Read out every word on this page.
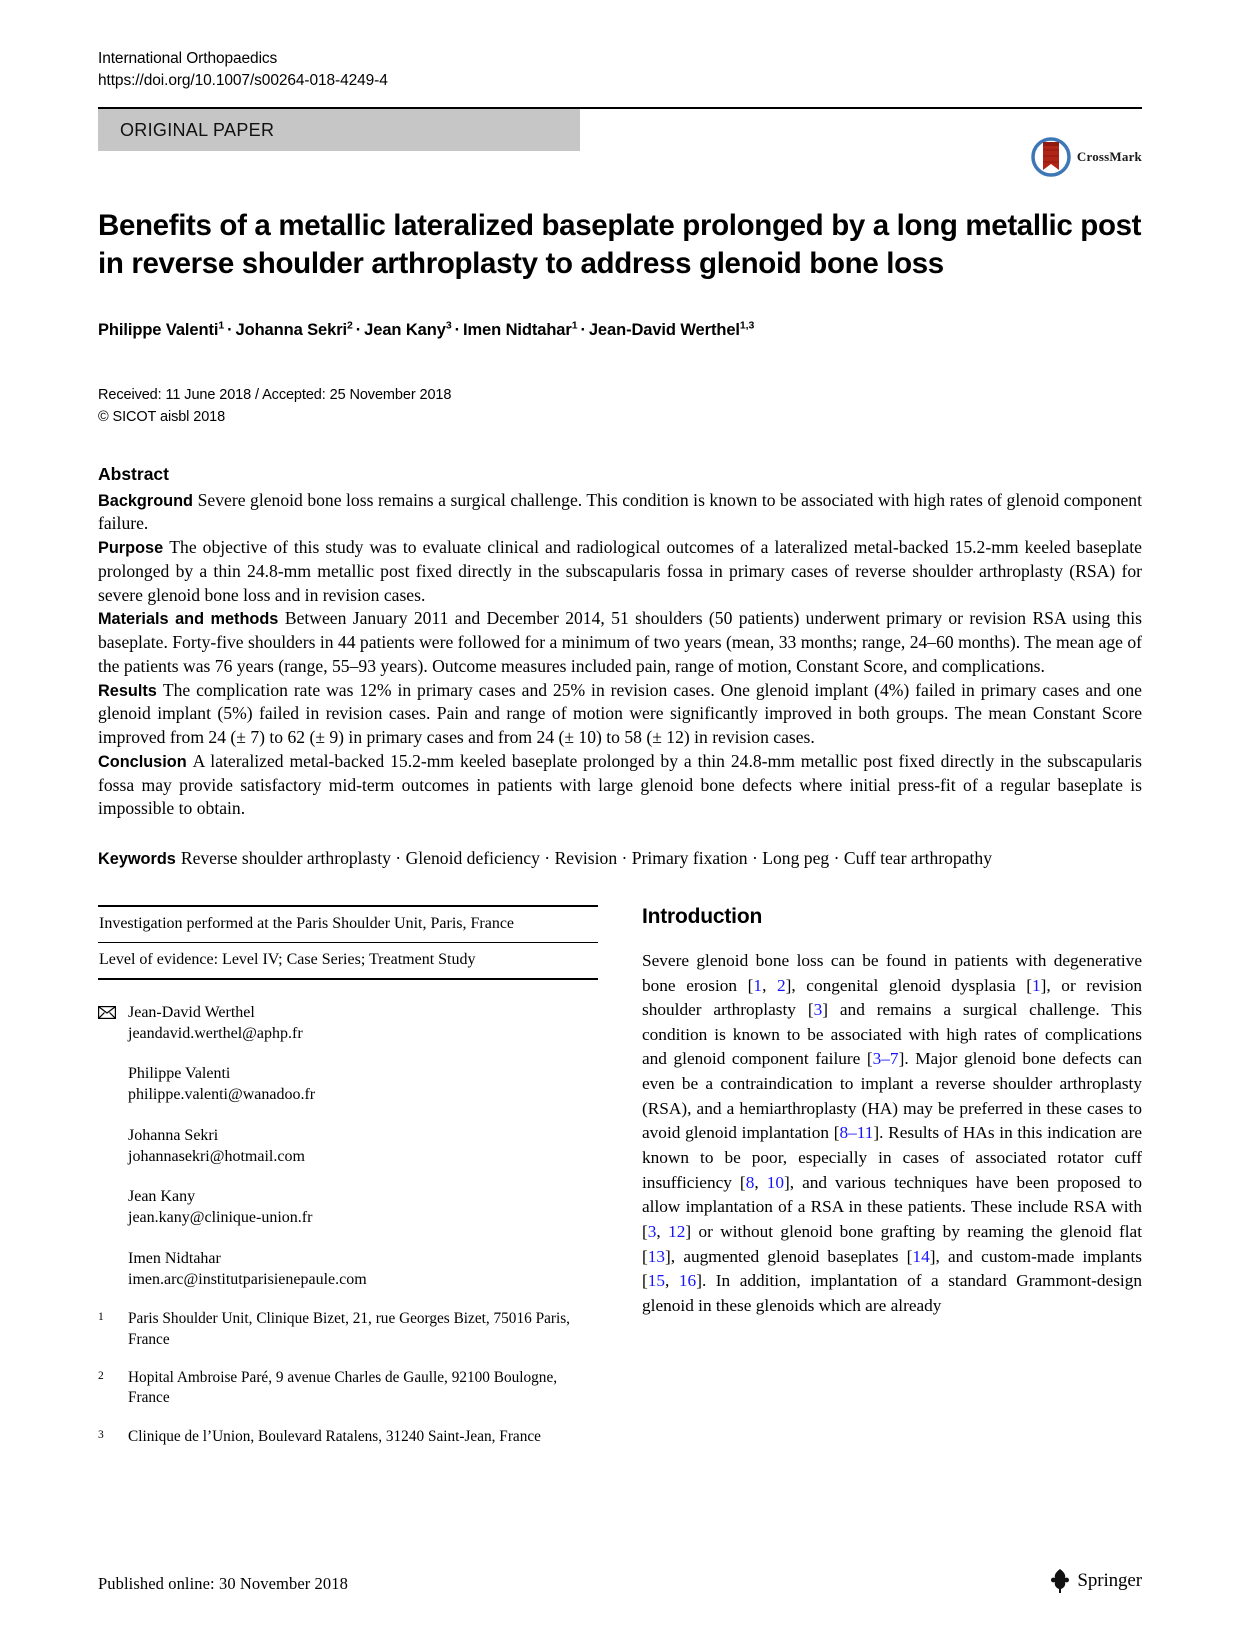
International Orthopaedics
https://doi.org/10.1007/s00264-018-4249-4
ORIGINAL PAPER
CrossMark
Benefits of a metallic lateralized baseplate prolonged by a long metallic post in reverse shoulder arthroplasty to address glenoid bone loss
Philippe Valenti$^1$ · Johanna Sekri$^2$ · Jean Kany$^3$ · Imen Nidtahar$^1$ · Jean-David Werthel$^{1,3}$
Received: 11 June 2018 / Accepted: 25 November 2018
© SICOT aisbl 2018
Abstract

Background Severe glenoid bone loss remains a surgical challenge. This condition is known to be associated with high rates of glenoid component failure.

Purpose The objective of this study was to evaluate clinical and radiological outcomes of a lateralized metal-backed 15.2-mm keeled baseplate prolonged by a thin 24.8-mm metallic post fixed directly in the subscapularis fossa in primary cases of reverse shoulder arthroplasty (RSA) for severe glenoid bone loss and in revision cases.

Materials and methods Between January 2011 and December 2014, 51 shoulders (50 patients) underwent primary or revision RSA using this baseplate. Forty-five shoulders in 44 patients were followed for a minimum of two years (mean, 33 months; range, 24–60 months). The mean age of the patients was 76 years (range, 55–93 years). Outcome measures included pain, range of motion, Constant Score, and complications.

Results The complication rate was 12% in primary cases and 25% in revision cases. One glenoid implant (4%) failed in primary cases and one glenoid implant (5%) failed in revision cases. Pain and range of motion were significantly improved in both groups. The mean Constant Score improved from 24 (± 7) to 62 (± 9) in primary cases and from 24 (± 10) to 58 (± 12) in revision cases.

Conclusion A lateralized metal-backed 15.2-mm keeled baseplate prolonged by a thin 24.8-mm metallic post fixed directly in the subscapularis fossa may provide satisfactory mid-term outcomes in patients with large glenoid bone defects where initial press-fit of a regular baseplate is impossible to obtain.

Keywords Reverse shoulder arthroplasty · Glenoid deficiency · Revision · Primary fixation · Long peg · Cuff tear arthropathy
Investigation performed at the Paris Shoulder Unit, Paris, France
Level of evidence: Level IV; Case Series; Treatment Study
Jean-David Werthel
jeandavid.werthel@aphp.fr
Philippe Valenti
philippe.valenti@wanadoo.fr
Johanna Sekri
johannasekri@hotmail.com
Jean Kany
jean.kany@clinique-union.fr
Imen Nidtahar
imen.arc@institutparisienepaule.com
1	Paris Shoulder Unit, Clinique Bizet, 21, rue Georges Bizet, 75016 Paris, France
2	Hopital Ambroise Paré, 9 avenue Charles de Gaulle, 92100 Boulogne, France
3	Clinique de l’Union, Boulevard Ratalens, 31240 Saint-Jean, France
Introduction

Severe glenoid bone loss can be found in patients with degenerative bone erosion [1, 2], congenital glenoid dysplasia [1], or revision shoulder arthroplasty [3] and remains a surgical challenge. This condition is known to be associated with high rates of complications and glenoid component failure [3–7]. Major glenoid bone defects can even be a contraindication to implant a reverse shoulder arthroplasty (RSA), and a hemiarthroplasty (HA) may be preferred in these cases to avoid glenoid implantation [8–11]. Results of HAs in this indication are known to be poor, especially in cases of associated rotator cuff insufficiency [8, 10], and various techniques have been proposed to allow implantation of a RSA in these patients. These include RSA with [3, 12] or without glenoid bone grafting by reaming the glenoid flat [13], augmented glenoid baseplates [14], and custom-made implants [15, 16]. In addition, implantation of a standard Grammont-design glenoid in these glenoids which are already

Published online: 30 November 2018	Springer
